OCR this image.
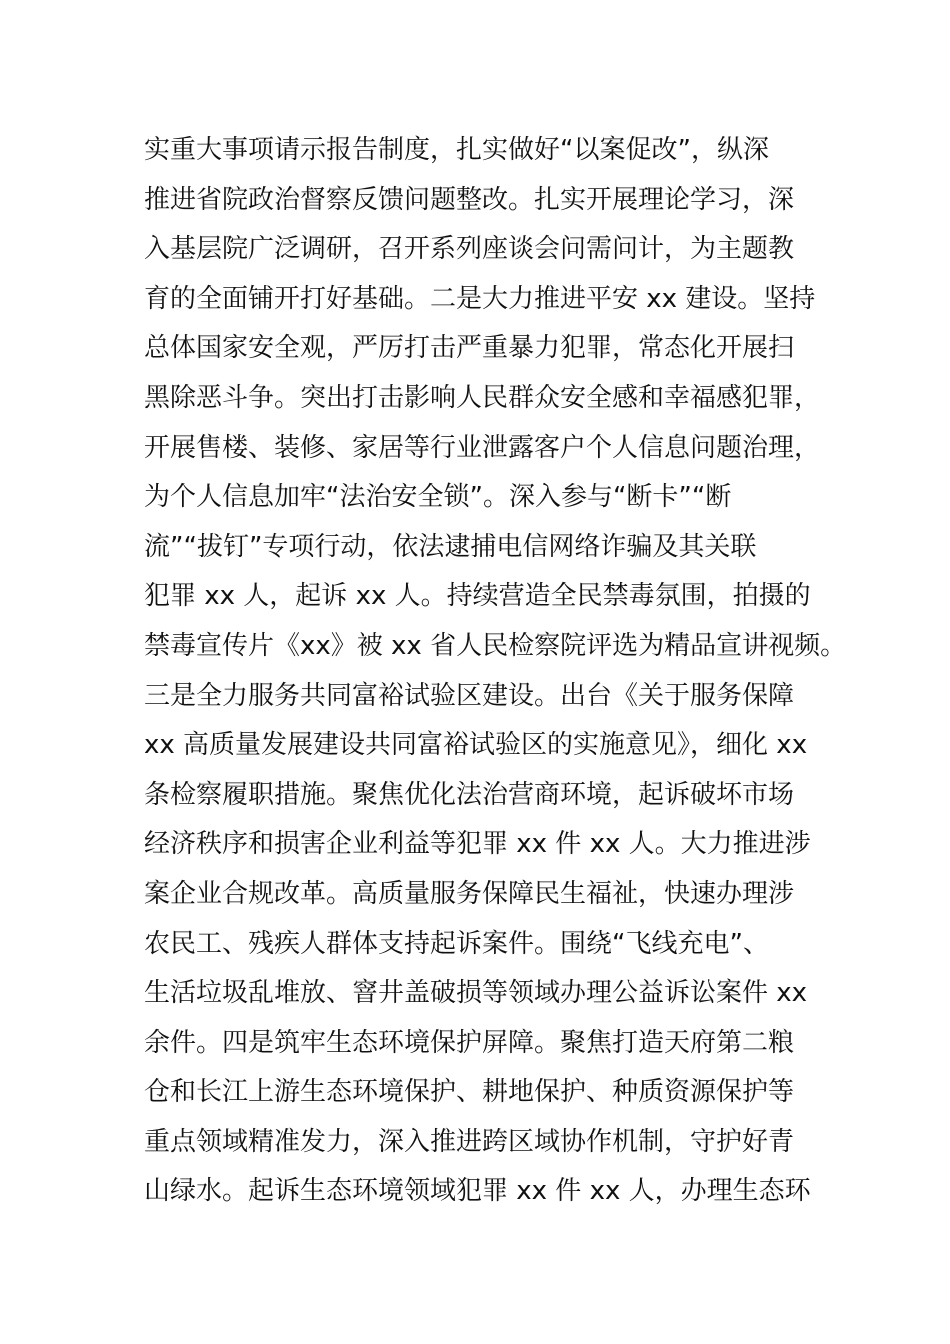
实重大事项请示报告制度，扎实做好“以案促改”，纵深
推进省院政治督察反馈问题整改。扎实开展理论学习，深
入基层院广泛调研，召开系列座谈会问需问计，为主题教
育的全面铺开打好基础。二是大力推进平安 xx 建设。坚持
总体国家安全观，严厉打击严重暴力犯罪，常态化开展扫
黑除恶斗争。突出打击影响人民群众安全感和幸福感犯罪，
开展售楼、装修、家居等行业泄露客户个人信息问题治理，
为个人信息加牢“法治安全锁”。深入参与“断卡”“断
流”“拔钉”专项行动，依法逮捕电信网络诈骗及其关联
犯罪 xx 人，起诉 xx 人。持续营造全民禁毒氛围，拍摄的
禁毒宣传片《xx》被 xx 省人民检察院评选为精品宣讲视频。
三是全力服务共同富裕试验区建设。出台《关于服务保障
xx 高质量发展建设共同富裕试验区的实施意见》，细化 xx
条检察履职措施。聚焦优化法治营商环境，起诉破坏市场
经济秩序和损害企业利益等犯罪 xx 件 xx 人。大力推进涉
案企业合规改革。高质量服务保障民生福祉，快速办理涉
农民工、残疾人群体支持起诉案件。围绕“飞线充电”、
生活垃圾乱堆放、窨井盖破损等领域办理公益诉讼案件 xx
余件。四是筑牢生态环境保护屏障。聚焦打造天府第二粮
仓和长江上游生态环境保护、耕地保护、种质资源保护等
重点领域精准发力，深入推进跨区域协作机制，守护好青
山绿水。起诉生态环境领域犯罪 xx 件 xx 人，办理生态环
